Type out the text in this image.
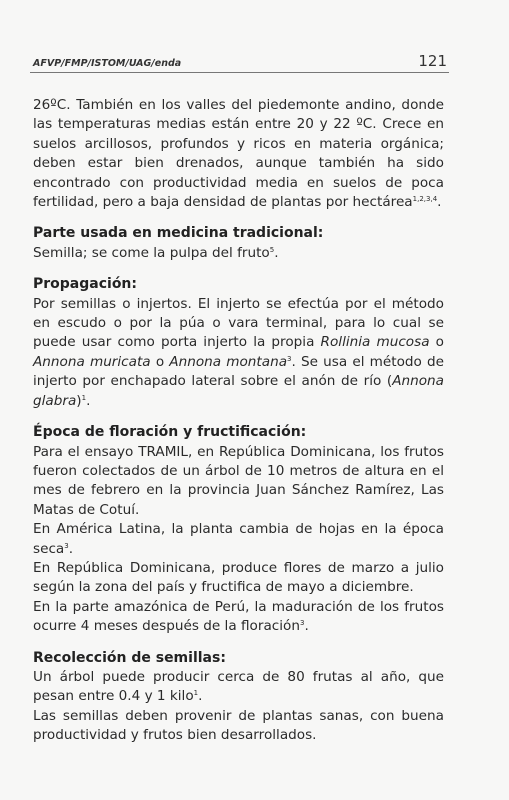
AFVP/FMP/ISTOM/UAG/enda	121

26ºC. También en los valles del piedemonte andino, donde las temperaturas medias están entre 20 y 22 ºC. Crece en suelos arcillosos, profundos y ricos en materia orgánica; deben estar bien drenados, aunque también ha sido encontrado con productividad media en suelos de poca fertilidad, pero a baja densidad de plantas por hectárea$^{1,2,3,4}$.

Parte usada en medicina tradicional:

Semilla; se come la pulpa del fruto$^5$.

Propagación:

Por semillas o injertos. El injerto se efectúa por el método en escudo o por la púa o vara terminal, para lo cual se puede usar como porta injerto la propia Rollinia mucosa o Annona muricata o Annona montana$^3$. Se usa el método de injerto por enchapado lateral sobre el anón de río (Annona glabra)$^1$.

Época de floración y fructificación:

Para el ensayo TRAMIL, en República Dominicana, los frutos fueron colectados de un árbol de 10 metros de altura en el mes de febrero en la provincia Juan Sánchez Ramírez, Las Matas de Cotuí.

En América Latina, la planta cambia de hojas en la época seca$^3$.

En República Dominicana, produce flores de marzo a julio según la zona del país y fructifica de mayo a diciembre.

En la parte amazónica de Perú, la maduración de los frutos ocurre 4 meses después de la floración$^3$.

Recolección de semillas:

Un árbol puede producir cerca de 80 frutas al año, que pesan entre 0.4 y 1 kilo$^1$.

Las semillas deben provenir de plantas sanas, con buena productividad y frutos bien desarrollados.
